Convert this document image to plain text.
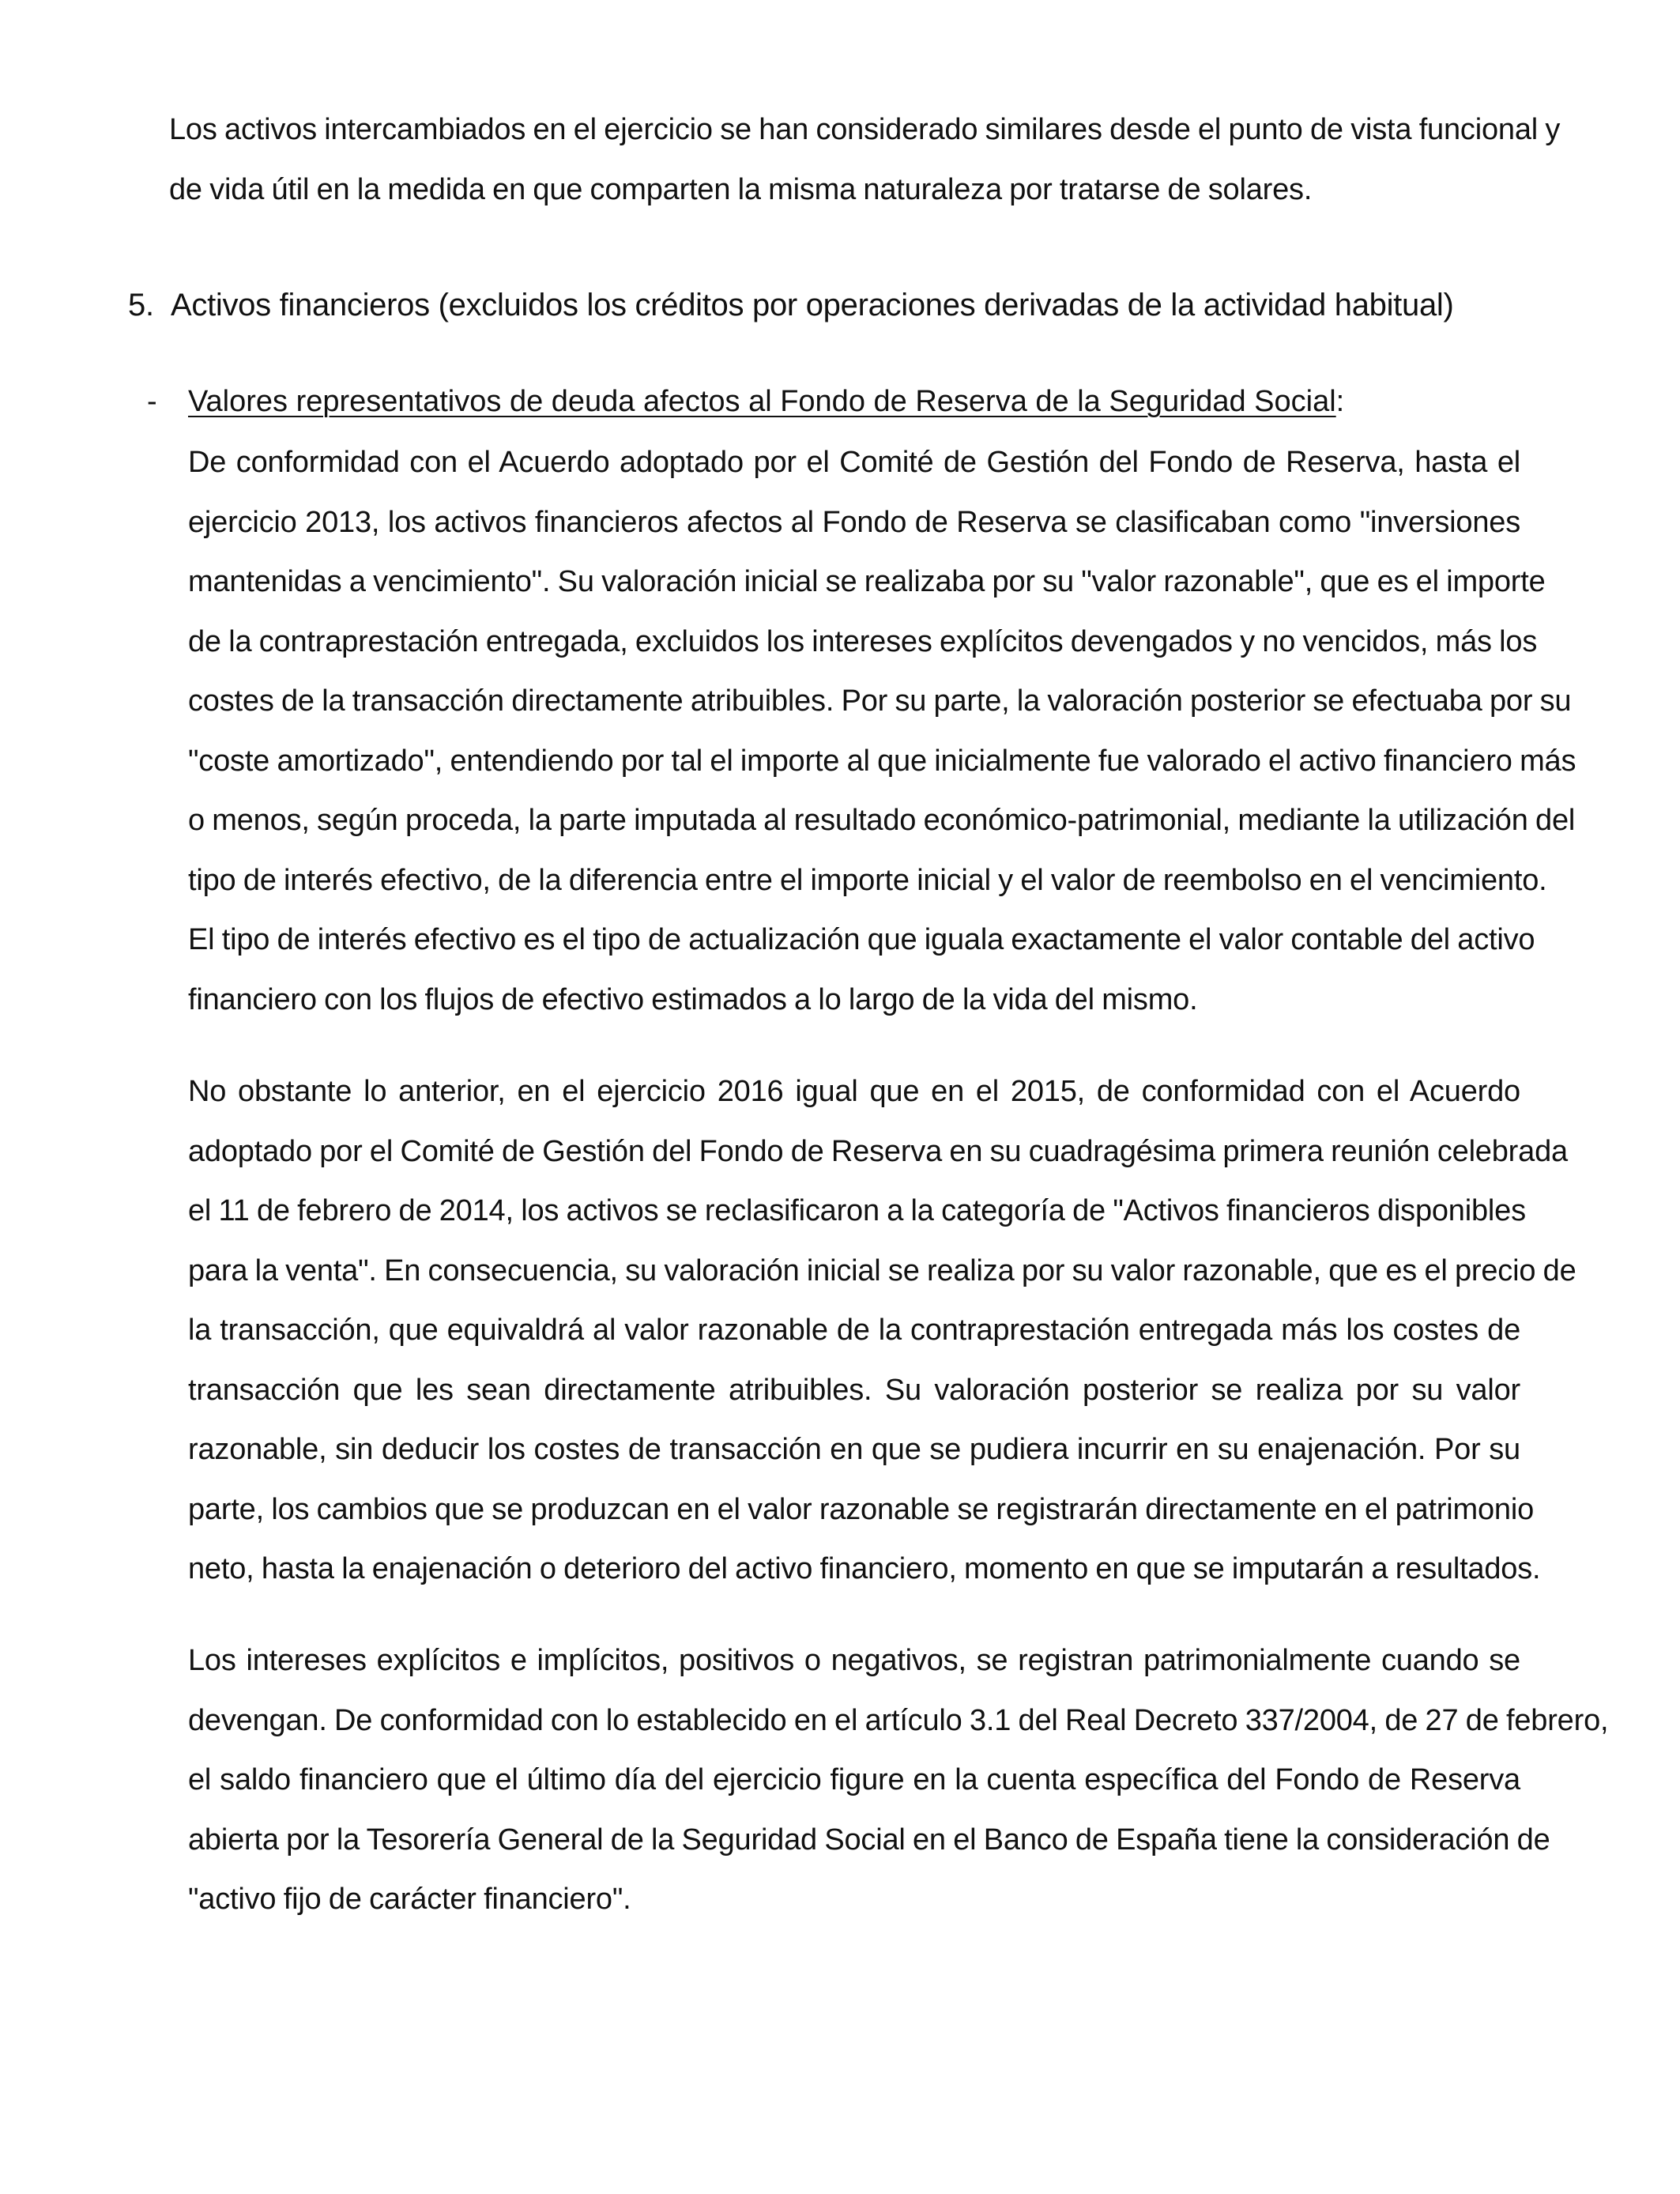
Los activos intercambiados en el ejercicio se han considerado similares desde el punto de vista funcional y
de vida útil en la medida en que comparten la misma naturaleza por tratarse de solares.
5. Activos financieros (excluidos los créditos por operaciones derivadas de la actividad habitual)
- Valores representativos de deuda afectos al Fondo de Reserva de la Seguridad Social:
De conformidad con el Acuerdo adoptado por el Comité de Gestión del Fondo de Reserva, hasta el
ejercicio 2013, los activos financieros afectos al Fondo de Reserva se clasificaban como "inversiones
mantenidas a vencimiento". Su valoración inicial se realizaba por su "valor razonable", que es el importe
de la contraprestación entregada, excluidos los intereses explícitos devengados y no vencidos, más los
costes de la transacción directamente atribuibles. Por su parte, la valoración posterior se efectuaba por su
"coste amortizado", entendiendo por tal el importe al que inicialmente fue valorado el activo financiero más
o menos, según proceda, la parte imputada al resultado económico-patrimonial, mediante la utilización del
tipo de interés efectivo, de la diferencia entre el importe inicial y el valor de reembolso en el vencimiento.
El tipo de interés efectivo es el tipo de actualización que iguala exactamente el valor contable del activo
financiero con los flujos de efectivo estimados a lo largo de la vida del mismo.
No obstante lo anterior, en el ejercicio 2016 igual que en el 2015, de conformidad con el Acuerdo
adoptado por el Comité de Gestión del Fondo de Reserva en su cuadragésima primera reunión celebrada
el 11 de febrero de 2014, los activos se reclasificaron a la categoría de "Activos financieros disponibles
para la venta". En consecuencia, su valoración inicial se realiza por su valor razonable, que es el precio de
la transacción, que equivaldrá al valor razonable de la contraprestación entregada más los costes de
transacción que les sean directamente atribuibles. Su valoración posterior se realiza por su valor
razonable, sin deducir los costes de transacción en que se pudiera incurrir en su enajenación. Por su
parte, los cambios que se produzcan en el valor razonable se registrarán directamente en el patrimonio
neto, hasta la enajenación o deterioro del activo financiero, momento en que se imputarán a resultados.
Los intereses explícitos e implícitos, positivos o negativos, se registran patrimonialmente cuando se
devengan. De conformidad con lo establecido en el artículo 3.1 del Real Decreto 337/2004, de 27 de febrero,
el saldo financiero que el último día del ejercicio figure en la cuenta específica del Fondo de Reserva
abierta por la Tesorería General de la Seguridad Social en el Banco de España tiene la consideración de
"activo fijo de carácter financiero".
